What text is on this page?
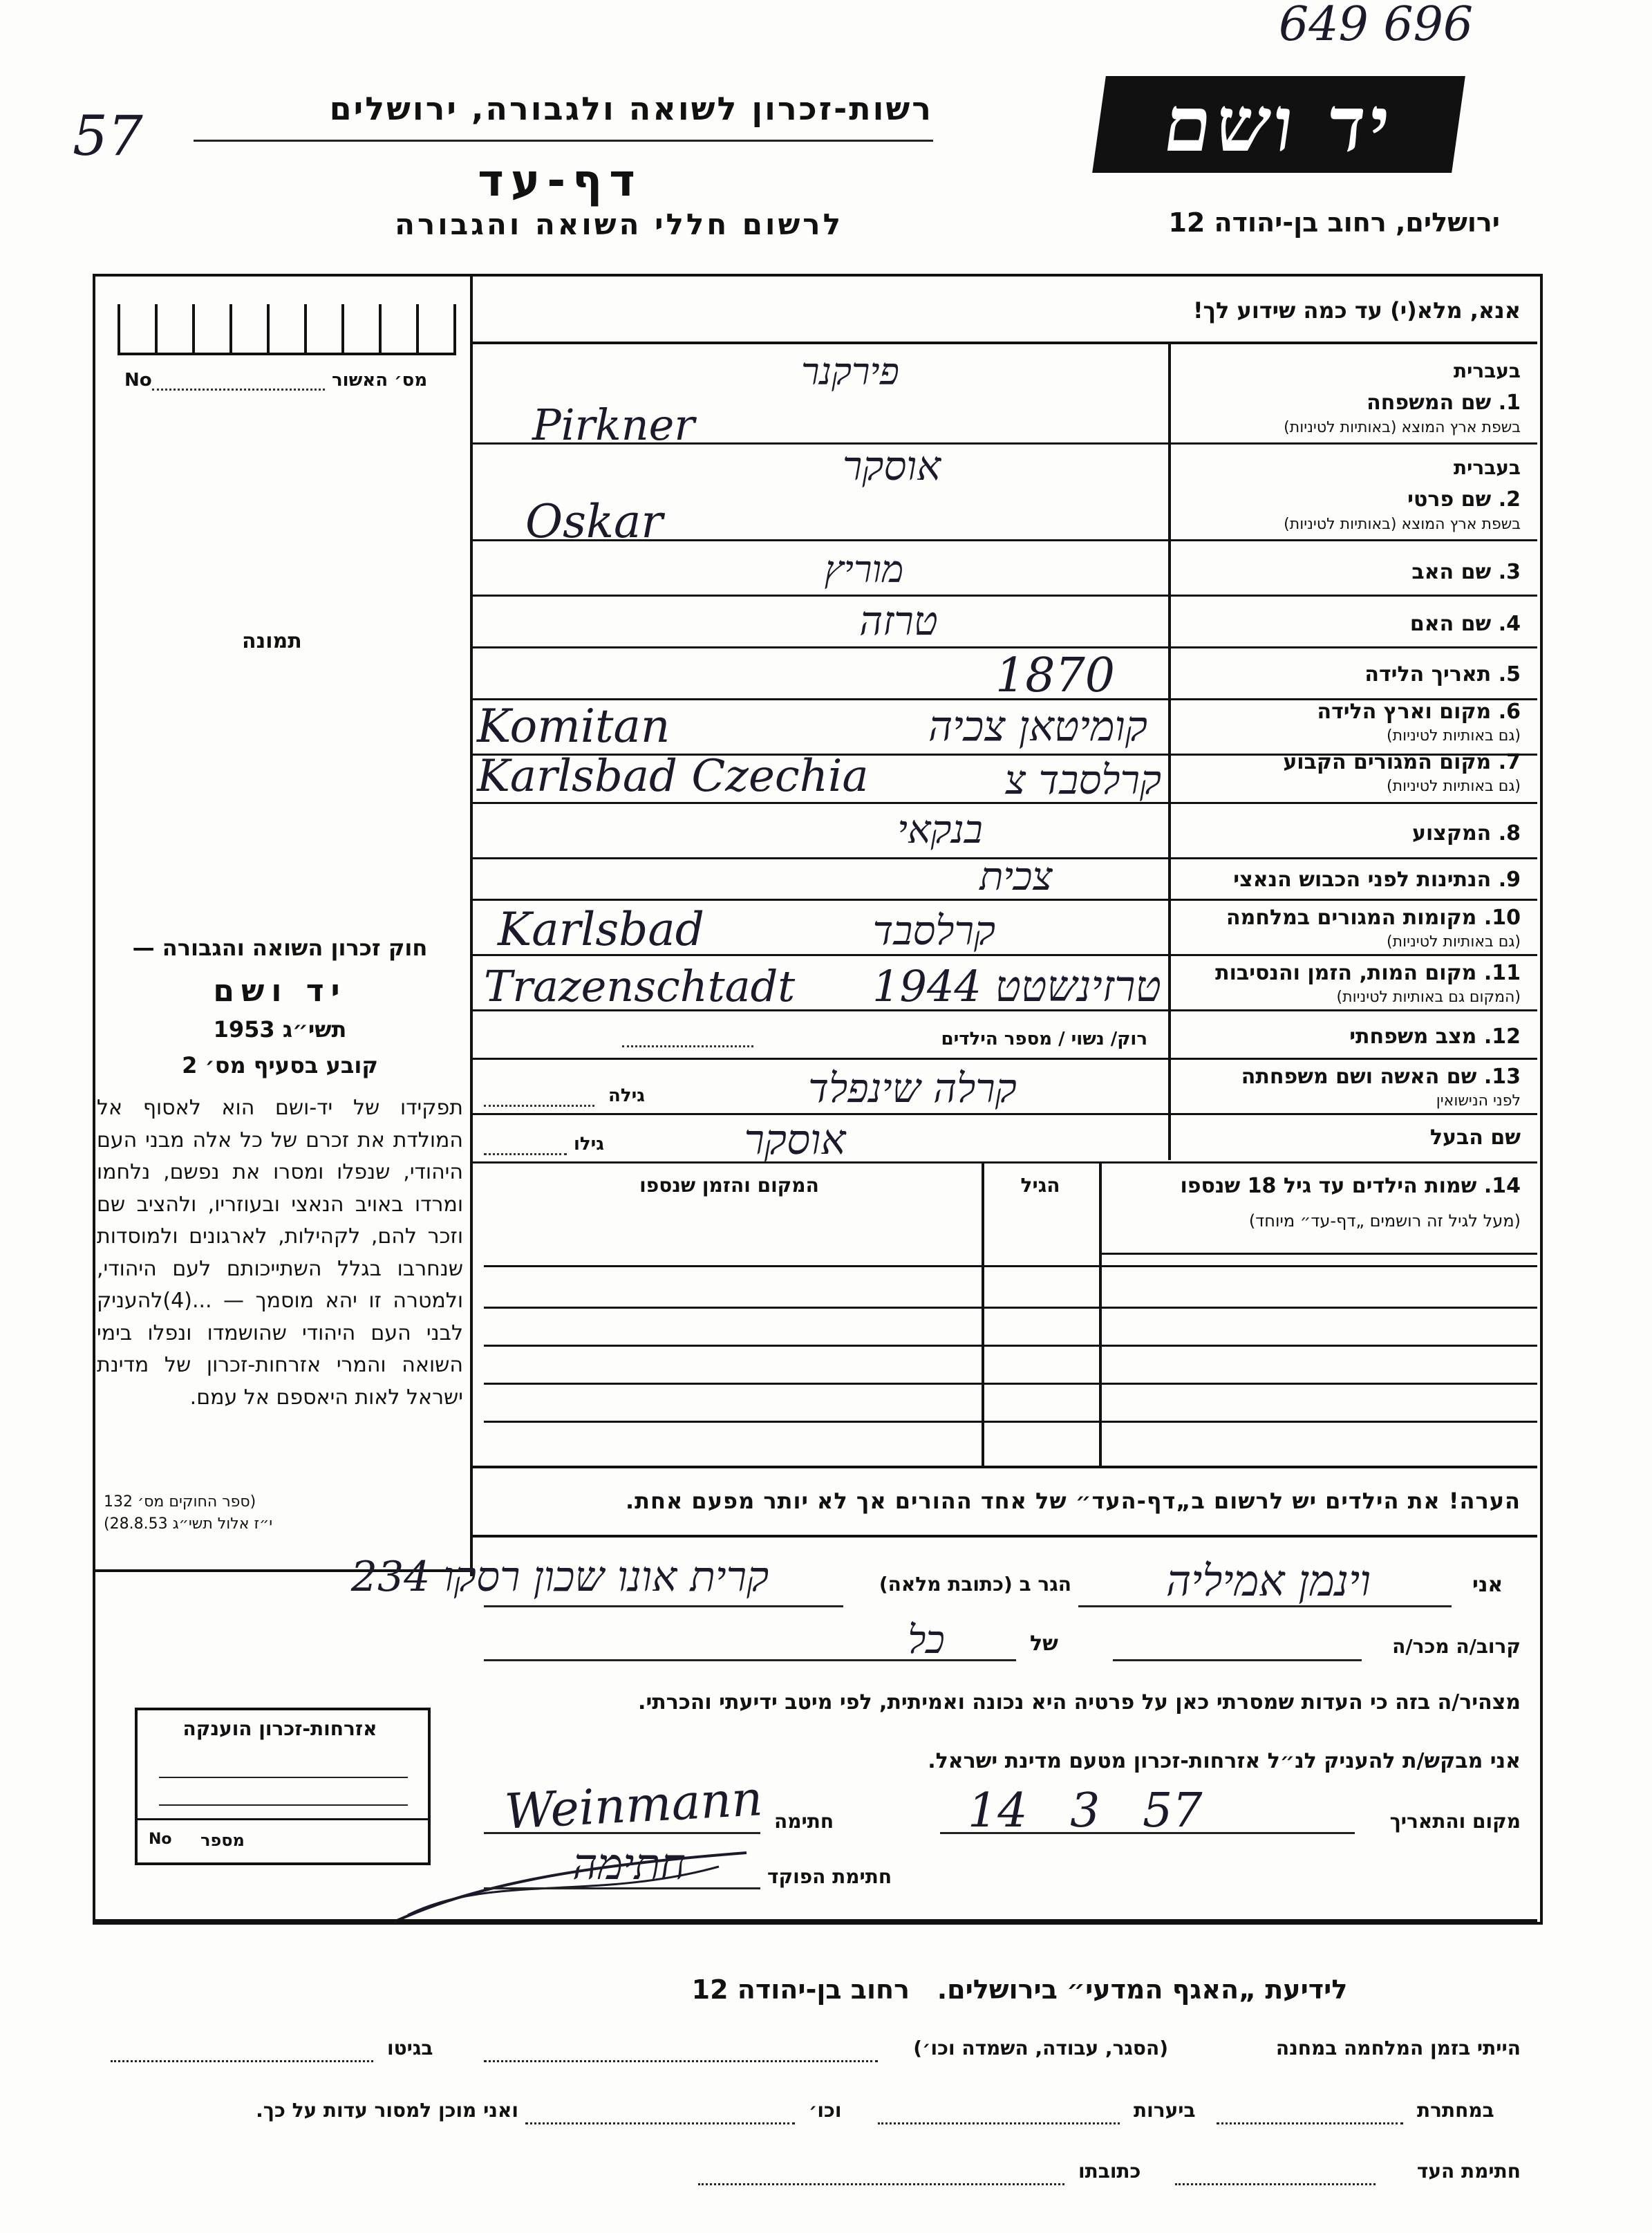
649 696
57	יד ושם
רשות-זכרון לשואה ולגבורה, ירושלים
דף-עד
לרשום חללי השואה והגבורה	ירושלים, רחוב בן-יהודה 12
מס׳ האשור
No
תמונה
חוק זכרון השואה והגבורה —
יד ושם
תשי״ג 1953
קובע בסעיף מס׳ 2
תפקידו של יד-ושם הוא לאסוף אל המולדת את זכרם של כל אלה מבני העם היהודי, שנפלו ומסרו את נפשם, נלחמו ומרדו באויב הנאצי ובעוזריו, ולהציב שם וזכר להם, לקהילות, לארגונים ולמוסדות שנחרבו בגלל השתייכותם לעם היהודי, ולמטרה זו יהא מוסמך — ...(4)להעניק לבני העם היהודי שהושמדו ונפלו בימי השואה והמרי אזרחות-זכרון של מדינת ישראל לאות היאספם אל עמם.
(ספר החוקים מס׳ 132
י״ז אלול תשי״ג 28.8.53)
אנא, מלא(י) עד כמה שידוע לך!
בעברית
1. שם המשפחה
בשפת ארץ המוצא (באותיות לטיניות)
פירקנר
Pirkner
בעברית
2. שם פרטי
בשפת ארץ המוצא (באותיות לטיניות)
אוסקר
Oskar
3. שם האב
מוריץ
4. שם האם
טרזה
5. תאריך הלידה
1870
6. מקום וארץ הלידה
(גם באותיות לטיניות)
Komitan	קומיטאן צכיה
7. מקום המגורים הקבוע
(גם באותיות לטיניות)
Karlsbad Czechia	קרלסבד צ
8. המקצוע
בנקאי
9. הנתינות לפני הכבוש הנאצי
צכית
10. מקומות המגורים במלחמה
(גם באותיות לטיניות)
Karlsbad	קרלסבד
11. מקום המות, הזמן והנסיבות
(המקום גם באותיות לטיניות)
Trazenschtadt	טרזינשטט 1944
12. מצב משפחתי
רוק/ נשוי / מספר הילדים
13. שם האשה ושם משפחתה
לפני הנישואין
קרלה שינפלד
גילה
שם הבעל
אוסקר
גילו
14. שמות הילדים עד גיל 18 שנספו
(מעל לגיל זה רושמים „דף-עד״ מיוחד)
הגיל
המקום והזמן שנספו
הערה! את הילדים יש לרשום ב„דף-העד״ של אחד ההורים אך לא יותר מפעם אחת.
אני
וינמן אמיליה
הגר ב (כתובת מלאה)
קרית אונו שכון רסקו 234
קרוב/ה מכר/ה
של
כל
מצהיר/ה בזה כי העדות שמסרתי כאן על פרטיה היא נכונה ואמיתית, לפי מיטב ידיעתי והכרתי.
אני מבקש/ת להעניק לנ״ל אזרחות-זכרון מטעם מדינת ישראל.
מקום והתאריך
14 3 57
חתימה
Weinmann
חתימת הפוקד
חתימה
אזרחות-זכרון הוענקה
No מספר
לידיעת „האגף המדעי״ בירושלים.   רחוב בן-יהודה 12
הייתי בזמן המלחמה במחנה
(הסגר, עבודה, השמדה וכו׳)
בגיטו
במחתרת
ביערות
וכו׳
ואני מוכן למסור עדות על כך.
חתימת העד
כתובתו
